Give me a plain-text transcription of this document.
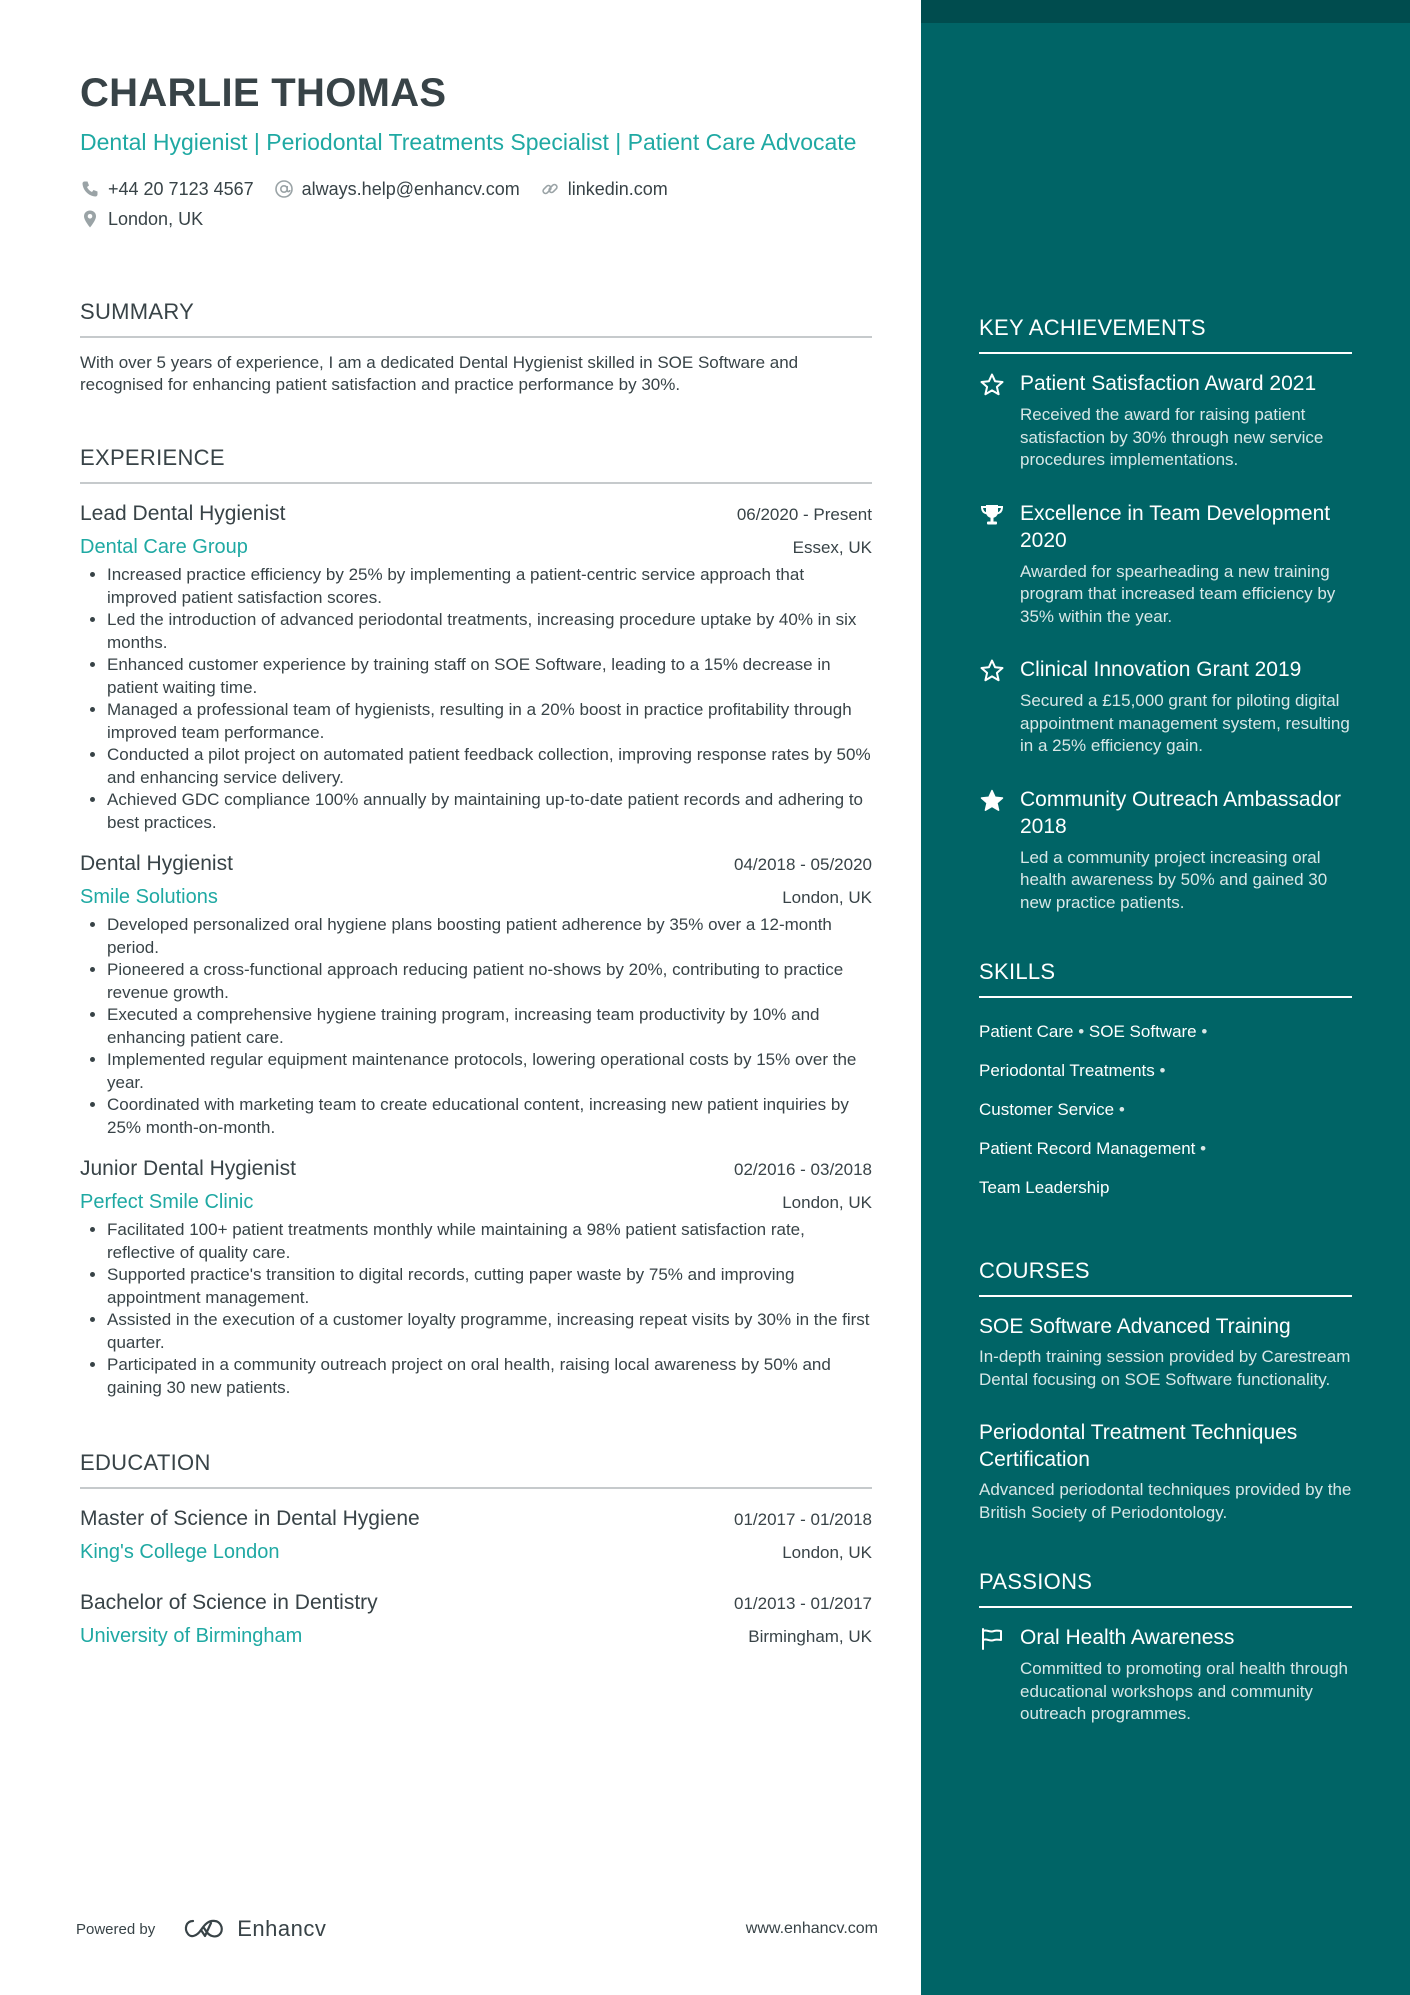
CHARLIE THOMAS
Dental Hygienist | Periodontal Treatments Specialist | Patient Care Advocate
+44 20 7123 4567	always.help@enhancv.com	linkedin.com
London, UK
SUMMARY
With over 5 years of experience, I am a dedicated Dental Hygienist skilled in SOE Software and recognised for enhancing patient satisfaction and practice performance by 30%.
EXPERIENCE
Lead Dental Hygienist	06/2020 - Present
Dental Care Group	Essex, UK
• Increased practice efficiency by 25% by implementing a patient-centric service approach that improved patient satisfaction scores.
• Led the introduction of advanced periodontal treatments, increasing procedure uptake by 40% in six months.
• Enhanced customer experience by training staff on SOE Software, leading to a 15% decrease in patient waiting time.
• Managed a professional team of hygienists, resulting in a 20% boost in practice profitability through improved team performance.
• Conducted a pilot project on automated patient feedback collection, improving response rates by 50% and enhancing service delivery.
• Achieved GDC compliance 100% annually by maintaining up-to-date patient records and adhering to best practices.
Dental Hygienist	04/2018 - 05/2020
Smile Solutions	London, UK
• Developed personalized oral hygiene plans boosting patient adherence by 35% over a 12-month period.
• Pioneered a cross-functional approach reducing patient no-shows by 20%, contributing to practice revenue growth.
• Executed a comprehensive hygiene training program, increasing team productivity by 10% and enhancing patient care.
• Implemented regular equipment maintenance protocols, lowering operational costs by 15% over the year.
• Coordinated with marketing team to create educational content, increasing new patient inquiries by 25% month-on-month.
Junior Dental Hygienist	02/2016 - 03/2018
Perfect Smile Clinic	London, UK
• Facilitated 100+ patient treatments monthly while maintaining a 98% patient satisfaction rate, reflective of quality care.
• Supported practice's transition to digital records, cutting paper waste by 75% and improving appointment management.
• Assisted in the execution of a customer loyalty programme, increasing repeat visits by 30% in the first quarter.
• Participated in a community outreach project on oral health, raising local awareness by 50% and gaining 30 new patients.
EDUCATION
Master of Science in Dental Hygiene	01/2017 - 01/2018
King's College London	London, UK
Bachelor of Science in Dentistry	01/2013 - 01/2017
University of Birmingham	Birmingham, UK
Powered by	Enhancv	www.enhancv.com
KEY ACHIEVEMENTS
Patient Satisfaction Award 2021
Received the award for raising patient satisfaction by 30% through new service procedures implementations.
Excellence in Team Development 2020
Awarded for spearheading a new training program that increased team efficiency by 35% within the year.
Clinical Innovation Grant 2019
Secured a £15,000 grant for piloting digital appointment management system, resulting in a 25% efficiency gain.
Community Outreach Ambassador 2018
Led a community project increasing oral health awareness by 50% and gained 30 new practice patients.
SKILLS
Patient Care • SOE Software •
Periodontal Treatments •
Customer Service •
Patient Record Management •
Team Leadership
COURSES
SOE Software Advanced Training
In-depth training session provided by Carestream Dental focusing on SOE Software functionality.
Periodontal Treatment Techniques Certification
Advanced periodontal techniques provided by the British Society of Periodontology.
PASSIONS
Oral Health Awareness
Committed to promoting oral health through educational workshops and community outreach programmes.
